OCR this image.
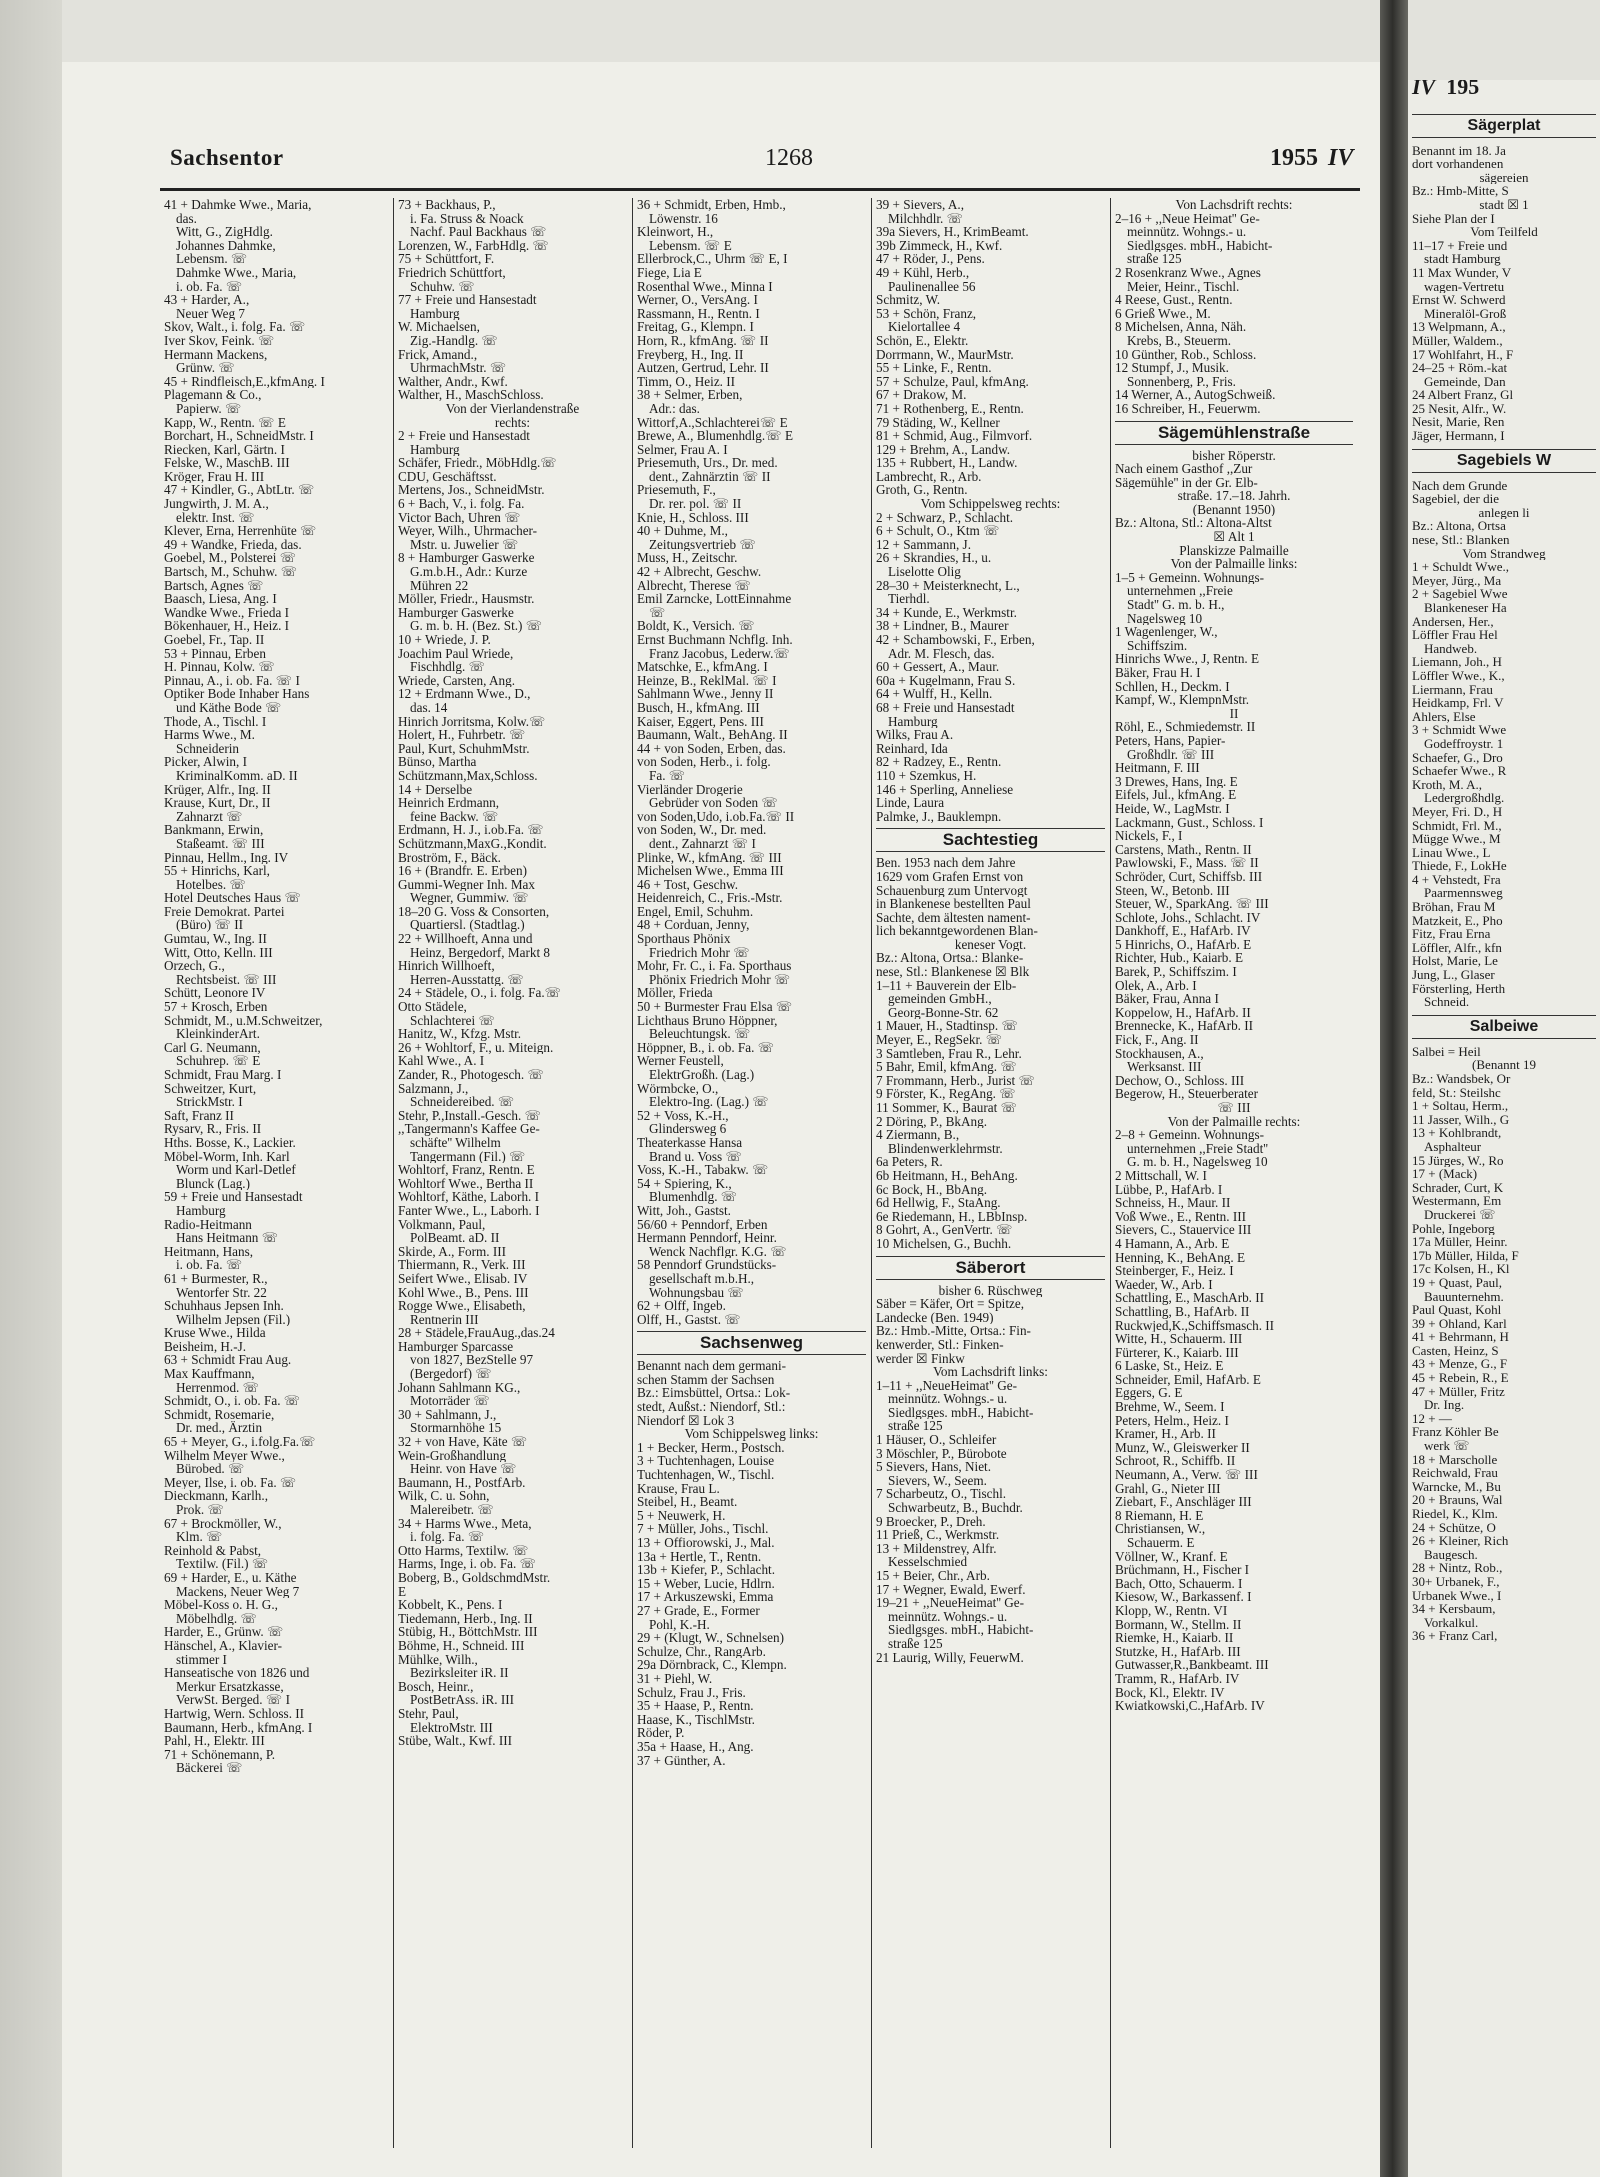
Sachsentor	1268	1955 IV

41 + Dahmke Wwe., Maria,

das.

Witt, G., ZigHdlg.

Johannes Dahmke,

Lebensm. ☏

Dahmke Wwe., Maria,

i. ob. Fa. ☏

43 + Harder, A.,

Neuer Weg 7

Skov, Walt., i. folg. Fa. ☏

Iver Skov, Feink. ☏

Hermann Mackens,

Grünw. ☏

45 + Rindfleisch,E.,kfmAng. I

Plagemann & Co.,

Papierw. ☏

Kapp, W., Rentn. ☏ E

Borchart, H., SchneidMstr. I

Riecken, Karl, Gärtn. I

Felske, W., MaschB. III

Kröger, Frau H. III

47 + Kindler, G., AbtLtr. ☏

Jungwirth, J. M. A.,

elektr. Inst. ☏

Klever, Erna, Herrenhüte ☏

49 + Wandke, Frieda, das.

Goebel, M., Polsterei ☏

Bartsch, M., Schuhw. ☏

Bartsch, Agnes ☏

Baasch, Liesa, Ang. I

Wandke Wwe., Frieda I

Bökenhauer, H., Heiz. I

Goebel, Fr., Tap. II

53 + Pinnau, Erben

H. Pinnau, Kolw. ☏

Pinnau, A., i. ob. Fa. ☏ I

Optiker Bode Inhaber Hans

und Käthe Bode ☏

Thode, A., Tischl. I

Harms Wwe., M.

Schneiderin

Picker, Alwin, I

KriminalKomm. aD. II

Krüger, Alfr., Ing. II

Krause, Kurt, Dr., II

Zahnarzt ☏

Bankmann, Erwin,

Staßeamt. ☏ III

Pinnau, Hellm., Ing. IV

55 + Hinrichs, Karl,

Hotelbes. ☏

Hotel Deutsches Haus ☏

Freie Demokrat. Partei

(Büro) ☏ II

Gumtau, W., Ing. II

Witt, Otto, Kelln. III

Orzech, G.,

Rechtsbeist. ☏ III

Schütt, Leonore IV

57 + Krosch, Erben

Schmidt, M., u.M.Schweitzer,

KleinkinderArt.

Carl G. Neumann,

Schuhrep. ☏ E

Schmidt, Frau Marg. I

Schweitzer, Kurt,

StrickMstr. I

Saft, Franz II

Rysarv, R., Fris. II

Hths. Bosse, K., Lackier.

Möbel-Worm, Inh. Karl

Worm und Karl-Detlef

Blunck (Lag.)

59 + Freie und Hansestadt

Hamburg

Radio-Heitmann

Hans Heitmann ☏

Heitmann, Hans,

i. ob. Fa. ☏

61 + Burmester, R.,

Wentorfer Str. 22

Schuhhaus Jepsen Inh.

Wilhelm Jepsen (Fil.)

Kruse Wwe., Hilda

Beisheim, H.-J.

63 + Schmidt Frau Aug.

Max Kauffmann,

Herrenmod. ☏

Schmidt, O., i. ob. Fa. ☏

Schmidt, Rosemarie,

Dr. med., Ärztin

65 + Meyer, G., i.folg.Fa.☏

Wilhelm Meyer Wwe.,

Bürobed. ☏

Meyer, Ilse, i. ob. Fa. ☏

Dieckmann, Karlh.,

Prok. ☏

67 + Brockmöller, W.,

Klm. ☏

Reinhold & Pabst,

Textilw. (Fil.) ☏

69 + Harder, E., u. Käthe

Mackens, Neuer Weg 7

Möbel-Koss o. H. G.,

Möbelhdlg. ☏

Harder, E., Grünw. ☏

Hänschel, A., Klavier-

stimmer I

Hanseatische von 1826 und

Merkur Ersatzkasse,

VerwSt. Berged. ☏ I

Hartwig, Wern. Schloss. II

Baumann, Herb., kfmAng. I

Pahl, H., Elektr. III

71 + Schönemann, P.

Bäckerei ☏

73 + Backhaus, P.,

i. Fa. Struss & Noack

Nachf. Paul Backhaus ☏

Lorenzen, W., FarbHdlg. ☏

75 + Schüttfort, F.

Friedrich Schüttfort,

Schuhw. ☏

77 + Freie und Hansestadt

Hamburg

W. Michaelsen,

Zig.-Handlg. ☏

Frick, Amand.,

UhrmachMstr. ☏

Walther, Andr., Kwf.

Walther, H., MaschSchloss.

Von der Vierlandenstraße

rechts:

2 + Freie und Hansestadt

Hamburg

Schäfer, Friedr., MöbHdlg.☏

CDU, Geschäftsst.

Mertens, Jos., SchneidMstr.

6 + Bach, V., i. folg. Fa.

Victor Bach, Uhren ☏

Weyer, Wilh., Uhrmacher-

Mstr. u. Juwelier ☏

8 + Hamburger Gaswerke

G.m.b.H., Adr.: Kurze

Mühren 22

Möller, Friedr., Hausmstr.

Hamburger Gaswerke

G. m. b. H. (Bez. St.) ☏

10 + Wriede, J. P.

Joachim Paul Wriede,

Fischhdlg. ☏

Wriede, Carsten, Ang.

12 + Erdmann Wwe., D.,

das. 14

Hinrich Jorritsma, Kolw.☏

Holert, H., Fuhrbetr. ☏

Paul, Kurt, SchuhmMstr.

Bünso, Martha

Schützmann,Max,Schloss.

14 + Derselbe

Heinrich Erdmann,

feine Backw. ☏

Erdmann, H. J., i.ob.Fa. ☏

Schützmann,MaxG.,Kondit.

Broström, F., Bäck.

16 + (Brandfr. E. Erben)

Gummi-Wegner Inh. Max

Wegner, Gummiw. ☏

18–20 G. Voss & Consorten,

Quartiersl. (Stadtlag.)

22 + Willhoeft, Anna und

Heinz, Bergedorf, Markt 8

Hinrich Willhoeft,

Herren-Ausstattg. ☏

24 + Städele, O., i. folg. Fa.☏

Otto Städele,

Schlachterei ☏

Hanitz, W., Kfzg. Mstr.

26 + Wohltorf, F., u. Miteign.

Kahl Wwe., A. I

Zander, R., Photogesch. ☏

Salzmann, J.,

Schneidereibed. ☏

Stehr, P.,Install.-Gesch. ☏

,,Tangermann's Kaffee Ge-

schäfte'' Wilhelm

Tangermann (Fil.) ☏

Wohltorf, Franz, Rentn. E

Wohltorf Wwe., Bertha II

Wohltorf, Käthe, Laborh. I

Fanter Wwe., L., Laborh. I

Volkmann, Paul,

PolBeamt. aD. II

Skirde, A., Form. III

Thiermann, R., Verk. III

Seifert Wwe., Elisab. IV

Kohl Wwe., B., Pens. III

Rogge Wwe., Elisabeth,

Rentnerin III

28 + Städele,FrauAug.,das.24

Hamburger Sparcasse

von 1827, BezStelle 97

(Bergedorf) ☏

Johann Sahlmann KG.,

Motorräder ☏

30 + Sahlmann, J.,

Stormarnhöhe 15

32 + von Have, Käte ☏

Wein-Großhandlung

Heinr. von Have ☏

Baumann, H., PostfArb.

Wilk, C. u. Sohn,

Malereibetr. ☏

34 + Harms Wwe., Meta,

i. folg. Fa. ☏

Otto Harms, Textilw. ☏

Harms, Inge, i. ob. Fa. ☏

Boberg, B., GoldschmdMstr.

E

Kobbelt, K., Pens. I

Tiedemann, Herb., Ing. II

Stübig, H., BöttchMstr. III

Böhme, H., Schneid. III

Mühlke, Wilh.,

Bezirksleiter iR. II

Bosch, Heinr.,

PostBetrAss. iR. III

Stehr, Paul,

ElektroMstr. III

Stübe, Walt., Kwf. III

36 + Schmidt, Erben, Hmb.,

Löwenstr. 16

Kleinwort, H.,

Lebensm. ☏ E

Ellerbrock,C., Uhrm ☏ E, I

Fiege, Lia E

Rosenthal Wwe., Minna I

Werner, O., VersAng. I

Rassmann, H., Rentn. I

Freitag, G., Klempn. I

Horn, R., kfmAng. ☏ II

Freyberg, H., Ing. II

Autzen, Gertrud, Lehr. II

Timm, O., Heiz. II

38 + Selmer, Erben,

Adr.: das.

Wittorf,A.,Schlachterei☏ E

Brewe, A., Blumenhdlg.☏ E

Selmer, Frau A. I

Priesemuth, Urs., Dr. med.

dent., Zahnärztin ☏ II

Priesemuth, F.,

Dr. rer. pol. ☏ II

Knie, H., Schloss. III

40 + Duhme, M.,

Zeitungsvertrieb ☏

Muss, H., Zeitschr.

42 + Albrecht, Geschw.

Albrecht, Therese ☏

Emil Zarncke, LottEinnahme

☏

Boldt, K., Versich. ☏

Ernst Buchmann Nchflg. Inh.

Franz Jacobus, Lederw.☏

Matschke, E., kfmAng. I

Heinze, B., ReklMal. ☏ I

Sahlmann Wwe., Jenny II

Busch, H., kfmAng. III

Kaiser, Eggert, Pens. III

Baumann, Walt., BehAng. II

44 + von Soden, Erben, das.

von Soden, Herb., i. folg.

Fa. ☏

Vierländer Drogerie

Gebrüder von Soden ☏

von Soden,Udo, i.ob.Fa.☏ II

von Soden, W., Dr. med.

dent., Zahnarzt ☏ I

Plinke, W., kfmAng. ☏ III

Michelsen Wwe., Emma III

46 + Tost, Geschw.

Heidenreich, C., Fris.-Mstr.

Engel, Emil, Schuhm.

48 + Corduan, Jenny,

Sporthaus Phönix

Friedrich Mohr ☏

Mohr, Fr. C., i. Fa. Sporthaus

Phönix Friedrich Mohr ☏

Möller, Frieda

50 + Burmester Frau Elsa ☏

Lichthaus Bruno Höppner,

Beleuchtungsk. ☏

Höppner, B., i. ob. Fa. ☏

Werner Feustell,

ElektrGroßh. (Lag.)

Wörmbcke, O.,

Elektro-Ing. (Lag.) ☏

52 + Voss, K.-H.,

Glindersweg 6

Theaterkasse Hansa

Brand u. Voss ☏

Voss, K.-H., Tabakw. ☏

54 + Spiering, K.,

Blumenhdlg. ☏

Witt, Joh., Gastst.

56/60 + Penndorf, Erben

Hermann Penndorf, Heinr.

Wenck Nachflgr. K.G. ☏

58 Penndorf Grundstücks-

gesellschaft m.b.H.,

Wohnungsbau ☏

62 + Olff, Ingeb.

Olff, H., Gastst. ☏

Sachsenweg

Benannt nach dem germani-

schen Stamm der Sachsen

Bz.: Eimsbüttel, Ortsa.: Lok-

stedt, Außst.: Niendorf, Stl.:

Niendorf ☒ Lok 3

Vom Schippelsweg links:

1 + Becker, Herm., Postsch.

3 + Tuchtenhagen, Louise

Tuchtenhagen, W., Tischl.

Krause, Frau L.

Steibel, H., Beamt.

5 + Neuwerk, H.

7 + Müller, Johs., Tischl.

13 + Offiorowski, J., Mal.

13a + Hertle, T., Rentn.

13b + Kiefer, P., Schlacht.

15 + Weber, Lucie, Hdlrn.

17 + Arkuszewski, Emma

27 + Grade, E., Former

Pohl, K.-H.

29 + (Klugt, W., Schnelsen)

Schulze, Chr., RangArb.

29a Dörnbrack, C., Klempn.

31 + Piehl, W.

Schulz, Frau J., Fris.

35 + Haase, P., Rentn.

Haase, K., TischlMstr.

Röder, P.

35a + Haase, H., Ang.

37 + Günther, A.

39 + Sievers, A.,

Milchhdlr. ☏

39a Sievers, H., KrimBeamt.

39b Zimmeck, H., Kwf.

47 + Röder, J., Pens.

49 + Kühl, Herb.,

Paulinenallee 56

Schmitz, W.

53 + Schön, Franz,

Kielortallee 4

Schön, E., Elektr.

Dorrmann, W., MaurMstr.

55 + Linke, F., Rentn.

57 + Schulze, Paul, kfmAng.

67 + Drakow, M.

71 + Rothenberg, E., Rentn.

79 Städing, W., Kellner

81 + Schmid, Aug., Filmvorf.

129 + Brehm, A., Landw.

135 + Rubbert, H., Landw.

Lambrecht, R., Arb.

Groth, G., Rentn.

Vom Schippelsweg rechts:

2 + Schwarz, P., Schlacht.

6 + Schult, O., Ktm ☏

12 + Sammann, J.

26 + Skrandies, H., u.

Liselotte Olig

28–30 + Meisterknecht, L.,

Tierhdl.

34 + Kunde, E., Werkmstr.

38 + Lindner, B., Maurer

42 + Schambowski, F., Erben,

Adr. M. Flesch, das.

60 + Gessert, A., Maur.

60a + Kugelmann, Frau S.

64 + Wulff, H., Kelln.

68 + Freie und Hansestadt

Hamburg

Wilks, Frau A.

Reinhard, Ida

82 + Radzey, E., Rentn.

110 + Szemkus, H.

146 + Sperling, Anneliese

Linde, Laura

Palmke, J., Bauklempn.

Sachtestieg

Ben. 1953 nach dem Jahre

1629 vom Grafen Ernst von

Schauenburg zum Untervogt

in Blankenese bestellten Paul

Sachte, dem ältesten nament-

lich bekanntgewordenen Blan-

keneser Vogt.

Bz.: Altona, Ortsa.: Blanke-

nese, Stl.: Blankenese ☒ Blk

1–11 + Bauverein der Elb-

gemeinden GmbH.,

Georg-Bonne-Str. 62

1 Mauer, H., Stadtinsp. ☏

Meyer, E., RegSekr. ☏

3 Samtleben, Frau R., Lehr.

5 Bahr, Emil, kfmAng. ☏

7 Frommann, Herb., Jurist ☏

9 Förster, K., RegAng. ☏

11 Sommer, K., Baurat ☏

2 Döring, P., BkAng.

4 Ziermann, B.,

Blindenwerklehrmstr.

6a Peters, R.

6b Heitmann, H., BehAng.

6c Bock, H., BbAng.

6d Hellwig, F., StaAng.

6e Riedemann, H., LBbInsp.

8 Gohrt, A., GenVertr. ☏

10 Michelsen, G., Buchh.

Säberort

bisher 6. Rüschweg

Säber = Käfer, Ort = Spitze,

Landecke (Ben. 1949)

Bz.: Hmb.-Mitte, Ortsa.: Fin-

kenwerder, Stl.: Finken-

werder ☒ Finkw

Vom Lachsdrift links:

1–11 + ,,NeueHeimat'' Ge-

meinnütz. Wohngs.- u.

Siedlgsges. mbH., Habicht-

straße 125

1 Häuser, O., Schleifer

3 Möschler, P., Bürobote

5 Sievers, Hans, Niet.

Sievers, W., Seem.

7 Scharbeutz, O., Tischl.

Schwarbeutz, B., Buchdr.

9 Broecker, P., Dreh.

11 Prieß, C., Werkmstr.

13 + Mildenstrey, Alfr.

Kesselschmied

15 + Beier, Chr., Arb.

17 + Wegner, Ewald, Ewerf.

19–21 + ,,NeueHeimat'' Ge-

meinnütz. Wohngs.- u.

Siedlgsges. mbH., Habicht-

straße 125

21 Laurig, Willy, FeuerwM.

Von Lachsdrift rechts:

2–16 + ,,Neue Heimat'' Ge-

meinnütz. Wohngs.- u.

Siedlgsges. mbH., Habicht-

straße 125

2 Rosenkranz Wwe., Agnes

Meier, Heinr., Tischl.

4 Reese, Gust., Rentn.

6 Grieß Wwe., M.

8 Michelsen, Anna, Näh.

Krebs, B., Steuerm.

10 Günther, Rob., Schloss.

12 Stumpf, J., Musik.

Sonnenberg, P., Fris.

14 Werner, A., AutogSchweiß.

16 Schreiber, H., Feuerwm.

Sägemühlenstraße

bisher Röperstr.

Nach einem Gasthof ,,Zur

Sägemühle'' in der Gr. Elb-

straße. 17.–18. Jahrh.

(Benannt 1950)

Bz.: Altona, Stl.: Altona-Altst

☒ Alt 1

Planskizze Palmaille

Von der Palmaille links:

1–5 + Gemeinn. Wohnungs-

unternehmen ,,Freie

Stadt'' G. m. b. H.,

Nagelsweg 10

1 Wagenlenger, W.,

Schiffszim.

Hinrichs Wwe., J, Rentn. E

Bäker, Frau H. I

Schllen, H., Deckm. I

Kampf, W., KlempnMstr.

II

Röhl, E., Schmiedemstr. II

Peters, Hans, Papier-

Großhdlr. ☏ III

Heitmann, F. III

3 Drewes, Hans, Ing. E

Eifels, Jul., kfmAng. E

Heide, W., LagMstr. I

Lackmann, Gust., Schloss. I

Nickels, F., I

Carstens, Math., Rentn. II

Pawlowski, F., Mass. ☏ II

Schröder, Curt, Schiffsb. III

Steen, W., Betonb. III

Steuer, W., SparkAng. ☏ III

Schlote, Johs., Schlacht. IV

Dankhoff, E., HafArb. IV

5 Hinrichs, O., HafArb. E

Richter, Hub., Kaiarb. E

Barek, P., Schiffszim. I

Olek, A., Arb. I

Bäker, Frau, Anna I

Koppelow, H., HafArb. II

Brennecke, K., HafArb. II

Fick, F., Ang. II

Stockhausen, A.,

Werksanst. III

Dechow, O., Schloss. III

Begerow, H., Steuerberater

☏ III

Von der Palmaille rechts:

2–8 + Gemeinn. Wohnungs-

unternehmen ,,Freie Stadt''

G. m. b. H., Nagelsweg 10

2 Mittschall, W. I

Lübbe, P., HafArb. I

Schneiss, H., Maur. II

Voß Wwe., E., Rentn. III

Sievers, C., Stauervice III

4 Hamann, A., Arb. E

Henning, K., BehAng. E

Steinberger, F., Heiz. I

Waeder, W., Arb. I

Schattling, E., MaschArb. II

Schattling, B., HafArb. II

Ruckwjed,K.,Schiffsmasch. II

Witte, H., Schauerm. III

Fürterer, K., Kaiarb. III

6 Laske, St., Heiz. E

Schneider, Emil, HafArb. E

Eggers, G. E

Brehme, W., Seem. I

Peters, Helm., Heiz. I

Kramer, H., Arb. II

Munz, W., Gleiswerker II

Schroot, R., Schiffb. II

Neumann, A., Verw. ☏ III

Grahl, G., Nieter III

Ziebart, F., Anschläger III

8 Riemann, H. E

Christiansen, W.,

Schauerm. E

Völlner, W., Kranf. E

Brüchmann, H., Fischer I

Bach, Otto, Schauerm. I

Kiesow, W., Barkassenf. I

Klopp, W., Rentn. VI

Bormann, W., Stellm. II

Riemke, H., Kaiarb. II

Stutzke, H., HafArb. III

Gutwasser,R.,Bankbeamt. III

Tramm, R., HafArb. IV

Bock, Kl., Elektr. IV

Kwiatkowski,C.,HafArb. IV

IV 195

Sägerplat

Benannt im 18. Ja

dort vorhandenen

sägereien

Bz.: Hmb-Mitte, S

stadt ☒ 1

Siehe Plan der I

Vom Teilfeld

11–17 + Freie und

stadt Hamburg

11 Max Wunder, V

wagen-Vertretu

Ernst W. Schwerd

Mineralöl-Groß

13 Welpmann, A.,

Müller, Waldem.,

17 Wohlfahrt, H., F

24–25 + Röm.-kat

Gemeinde, Dan

24 Albert Franz, Gl

25 Nesit, Alfr., W.

Nesit, Marie, Ren

Jäger, Hermann, I

Sagebiels W

Nach dem Grunde

Sagebiel, der die

anlegen li

Bz.: Altona, Ortsa

nese, Stl.: Blanken

Vom Strandweg

1 + Schuldt Wwe.,

Meyer, Jürg., Ma

2 + Sagebiel Wwe

Blankeneser Ha

Andersen, Her.,

Löffler Frau Hel

Handweb.

Liemann, Joh., H

Löffler Wwe., K.,

Liermann, Frau

Heidkamp, Frl. V

Ahlers, Else

3 + Schmidt Wwe

Godeffroystr. 1

Schaefer, G., Dro

Schaefer Wwe., R

Kroth, M. A.,

Ledergroßhdlg.

Meyer, Fri. D., H

Schmidt, Frl. M.,

Mügge Wwe., M

Linau Wwe., L

Thiede, F., LokHe

4 + Vehstedt, Fra

Paarmennsweg

Bröhan, Frau M

Matzkeit, E., Pho

Fitz, Frau Erna

Löffler, Alfr., kfn

Holst, Marie, Le

Jung, L., Glaser

Försterling, Herth

Schneid.

Salbeiwe

Salbei = Heil

(Benannt 19

Bz.: Wandsbek, Or

feld, St.: Steilshc

1 + Soltau, Herm.,

11 Jasser, Wilh., G

13 + Kohlbrandt,

Asphalteur

15 Jürges, W., Ro

17 + (Mack)

Schrader, Curt, K

Westermann, Em

Druckerei ☏

Pohle, Ingeborg

17a Müller, Heinr.

17b Müller, Hilda, F

17c Kolsen, H., Kl

19 + Quast, Paul,

Bauunternehm.

Paul Quast, Kohl

39 + Ohland, Karl

41 + Behrmann, H

Casten, Heinz, S

43 + Menze, G., F

45 + Rebein, R., E

47 + Müller, Fritz

Dr. Ing.

12 + —

Franz Köhler Be

werk ☏

18 + Marscholle

Reichwald, Frau

Warncke, M., Bu

20 + Brauns, Wal

Riedel, K., Klm.

24 + Schütze, O

26 + Kleiner, Rich

Baugesch.

28 + Nintz, Rob.,

30+ Urbanek, F.,

Urbanek Wwe., I

34 + Kersbaum,

Vorkalkul.

36 + Franz Carl,
